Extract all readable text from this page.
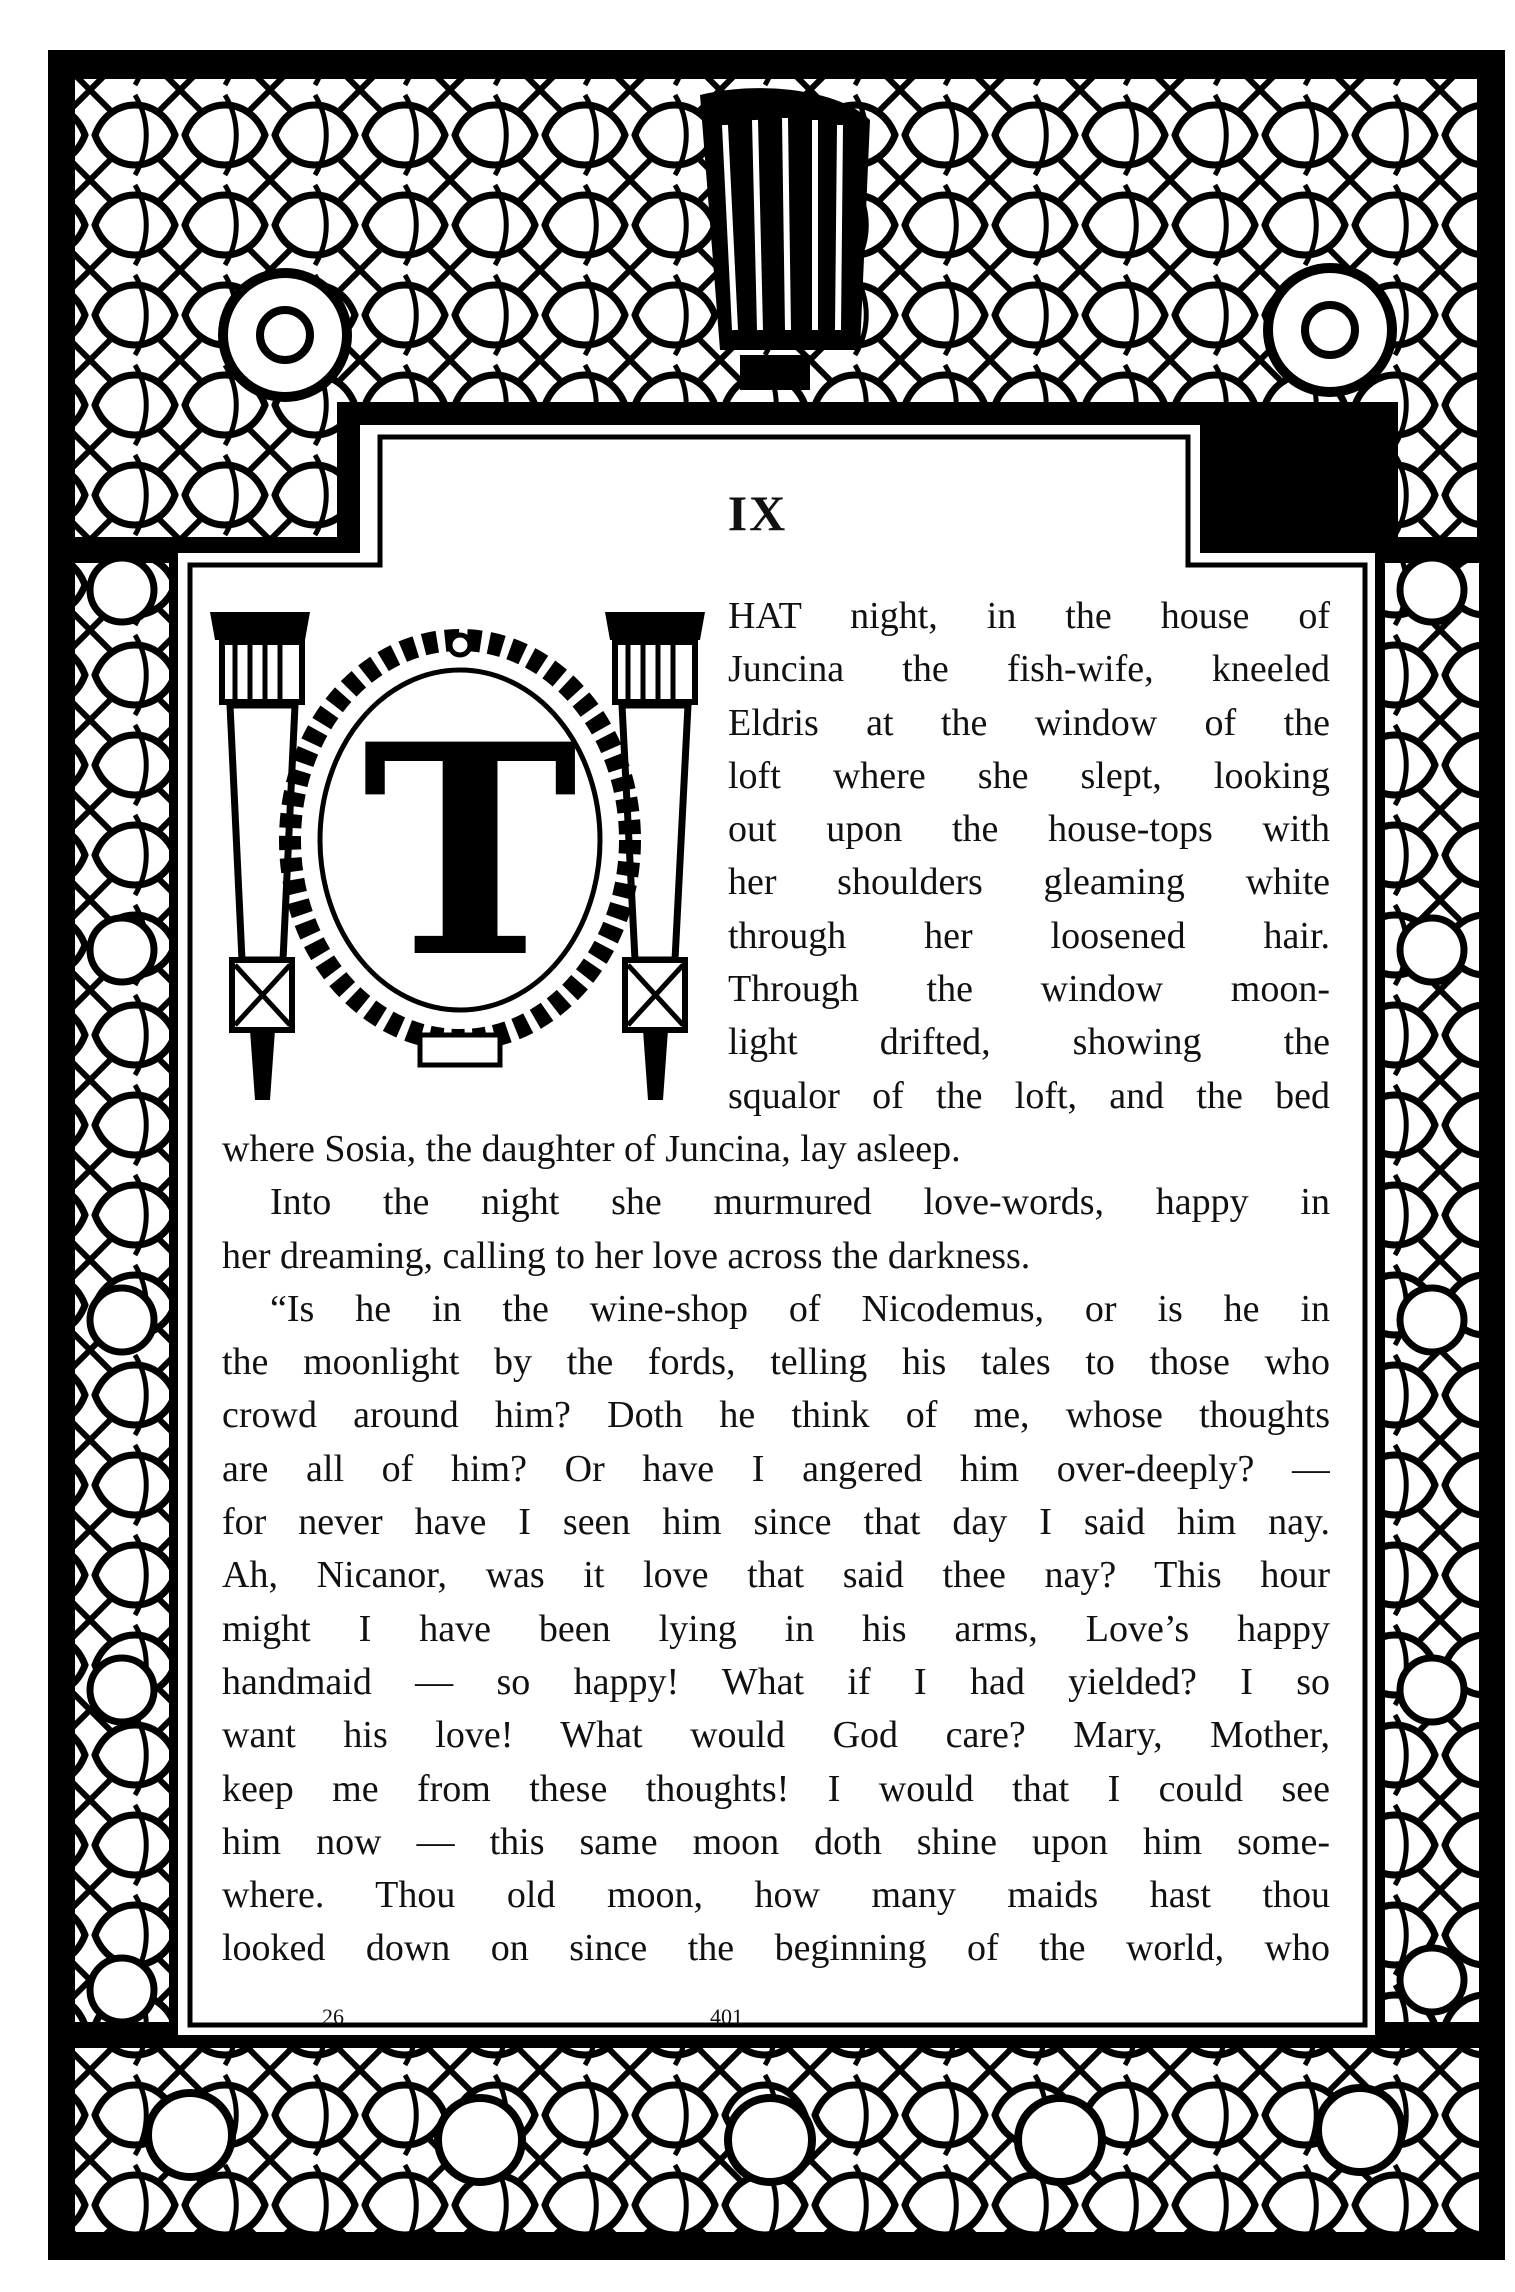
IX
T
HAT night, in the house of
Juncina the fish-wife, kneeled
Eldris at the window of the
loft where she slept, looking
out upon the house-tops with
her shoulders gleaming white
through her loosened hair.
Through the window moon-
light drifted, showing the
squalor of the loft, and the bed
where Sosia, the daughter of Juncina, lay asleep.
Into the night she murmured love-words, happy in
her dreaming, calling to her love across the darkness.
“Is he in the wine-shop of Nicodemus, or is he in
the moonlight by the fords, telling his tales to those who
crowd around him? Doth he think of me, whose thoughts
are all of him? Or have I angered him over-deeply? —
for never have I seen him since that day I said him nay.
Ah, Nicanor, was it love that said thee nay? This hour
might I have been lying in his arms, Love’s happy
handmaid — so happy! What if I had yielded? I so
want his love! What would God care? Mary, Mother,
keep me from these thoughts! I would that I could see
him now — this same moon doth shine upon him some-
where. Thou old moon, how many maids hast thou
looked down on since the beginning of the world, who
26	401
